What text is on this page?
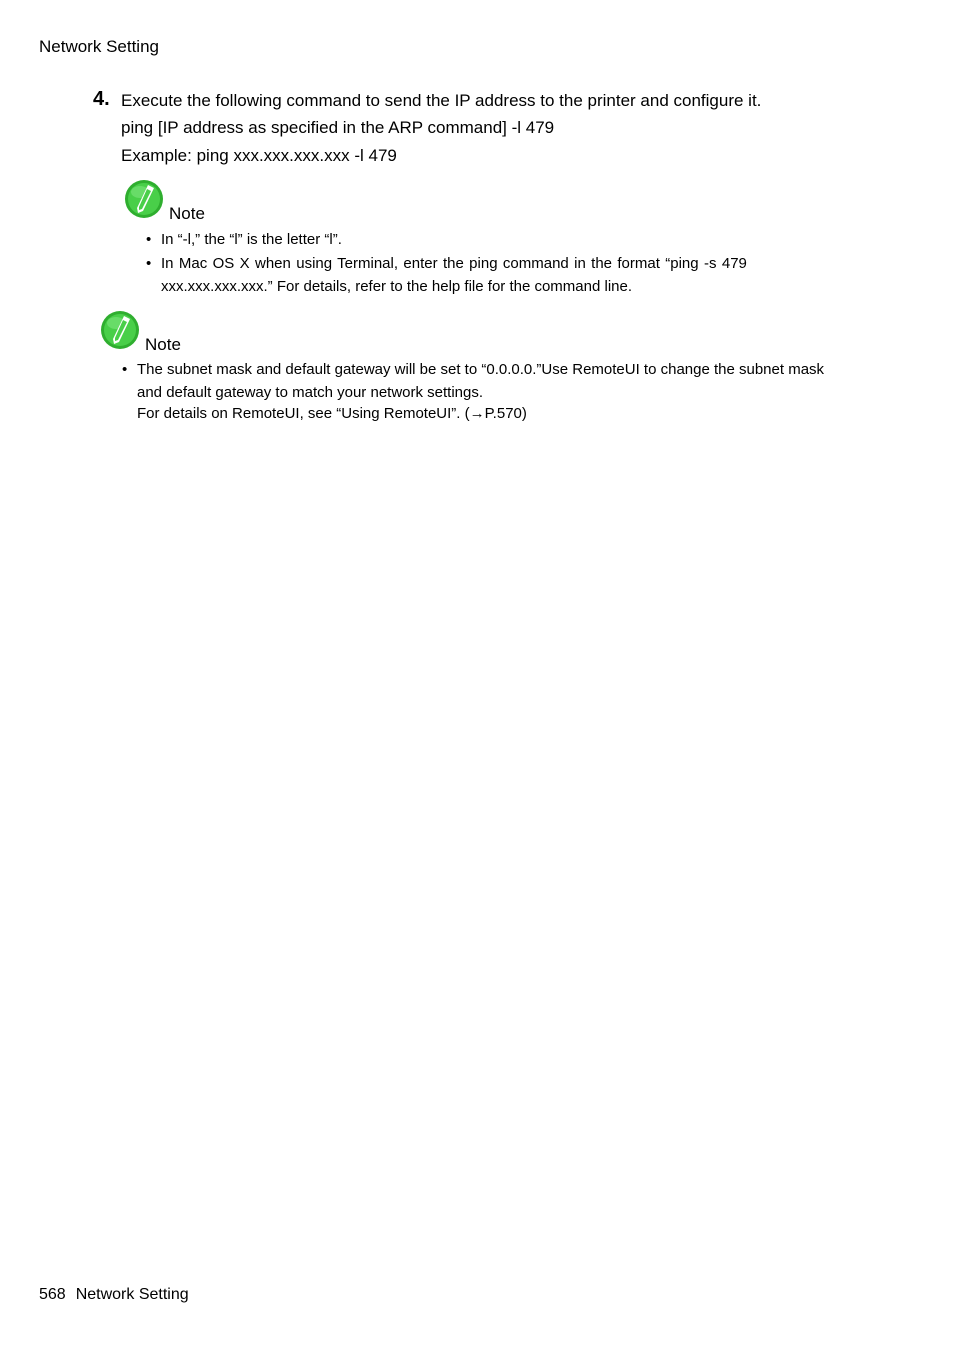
Network Setting
4. Execute the following command to send the IP address to the printer and configure it.
ping [IP address as specified in the ARP command] -l 479
Example: ping xxx.xxx.xxx.xxx -l 479
Note
• In “-l,” the “l” is the letter “l”.
• In Mac OS X when using Terminal, enter the ping command in the format “ping -s 479
xxx.xxx.xxx.xxx.” For details, refer to the help file for the command line.
Note
• The subnet mask and default gateway will be set to “0.0.0.0.”Use RemoteUI to change the subnet mask
and default gateway to match your network settings.
For details on RemoteUI, see “Using RemoteUI”. (→P.570)
568 Network Setting
